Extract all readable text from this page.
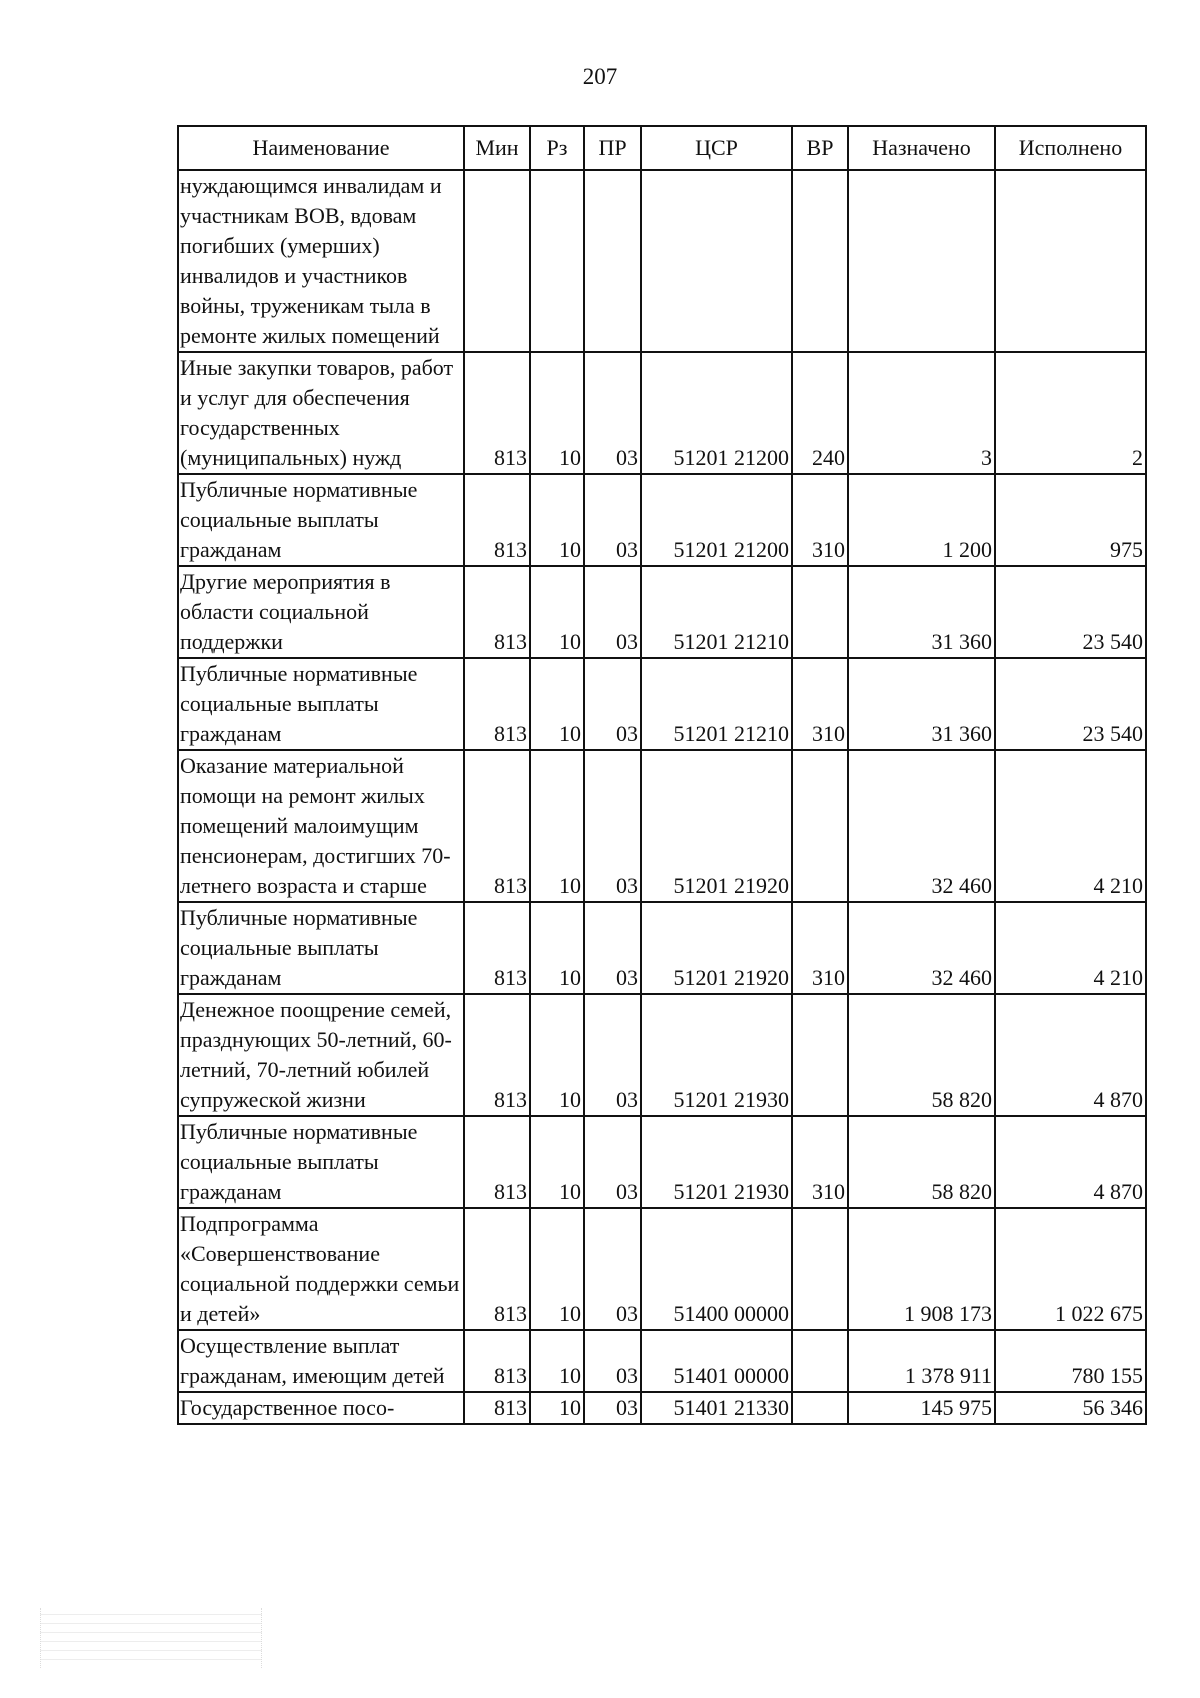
207
Наименование	Мин	Рз	ПР	ЦСР	ВР	Назначено	Исполнено
нуждающимся инвалидам и участникам ВОВ, вдовам погибших (умерших) инвалидов и участников войны, труженикам тыла в ремонте жилых помещений							
Иные закупки товаров, работ и услуг для обеспечения государственных (муниципальных) нужд	813	10	03	51201 21200	240	3	2
Публичные нормативные социальные выплаты гражданам	813	10	03	51201 21200	310	1 200	975
Другие мероприятия в области социальной поддержки	813	10	03	51201 21210		31 360	23 540
Публичные нормативные социальные выплаты гражданам	813	10	03	51201 21210	310	31 360	23 540
Оказание материальной помощи на ремонт жилых помещений малоимущим пенсионерам, достигших 70-летнего возраста и старше	813	10	03	51201 21920		32 460	4 210
Публичные нормативные социальные выплаты гражданам	813	10	03	51201 21920	310	32 460	4 210
Денежное поощрение семей, празднующих 50-летний, 60-летний, 70-летний юбилей супружеской жизни	813	10	03	51201 21930		58 820	4 870
Публичные нормативные социальные выплаты гражданам	813	10	03	51201 21930	310	58 820	4 870
Подпрограмма «Совершенствование социальной поддержки семьи и детей»	813	10	03	51400 00000		1 908 173	1 022 675
Осуществление выплат гражданам, имеющим детей	813	10	03	51401 00000		1 378 911	780 155
Государственное посо-	813	10	03	51401 21330		145 975	56 346
